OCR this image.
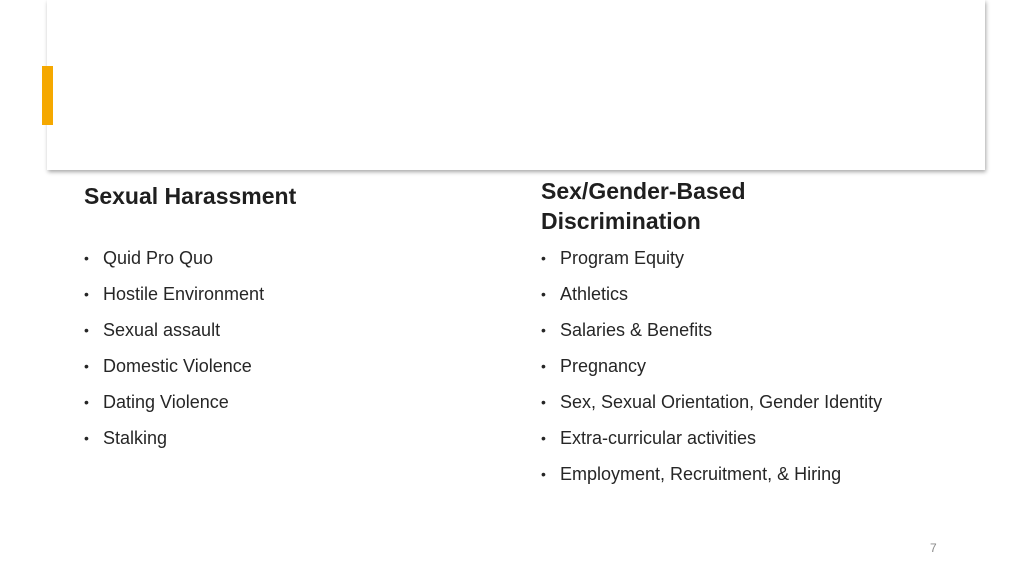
Sexual Harassment
• Quid Pro Quo
• Hostile Environment
• Sexual assault
• Domestic Violence
• Dating Violence
• Stalking
Sex/Gender-Based Discrimination
• Program Equity
• Athletics
• Salaries & Benefits
• Pregnancy
• Sex, Sexual Orientation, Gender Identity
• Extra-curricular activities
• Employment, Recruitment, & Hiring
7
